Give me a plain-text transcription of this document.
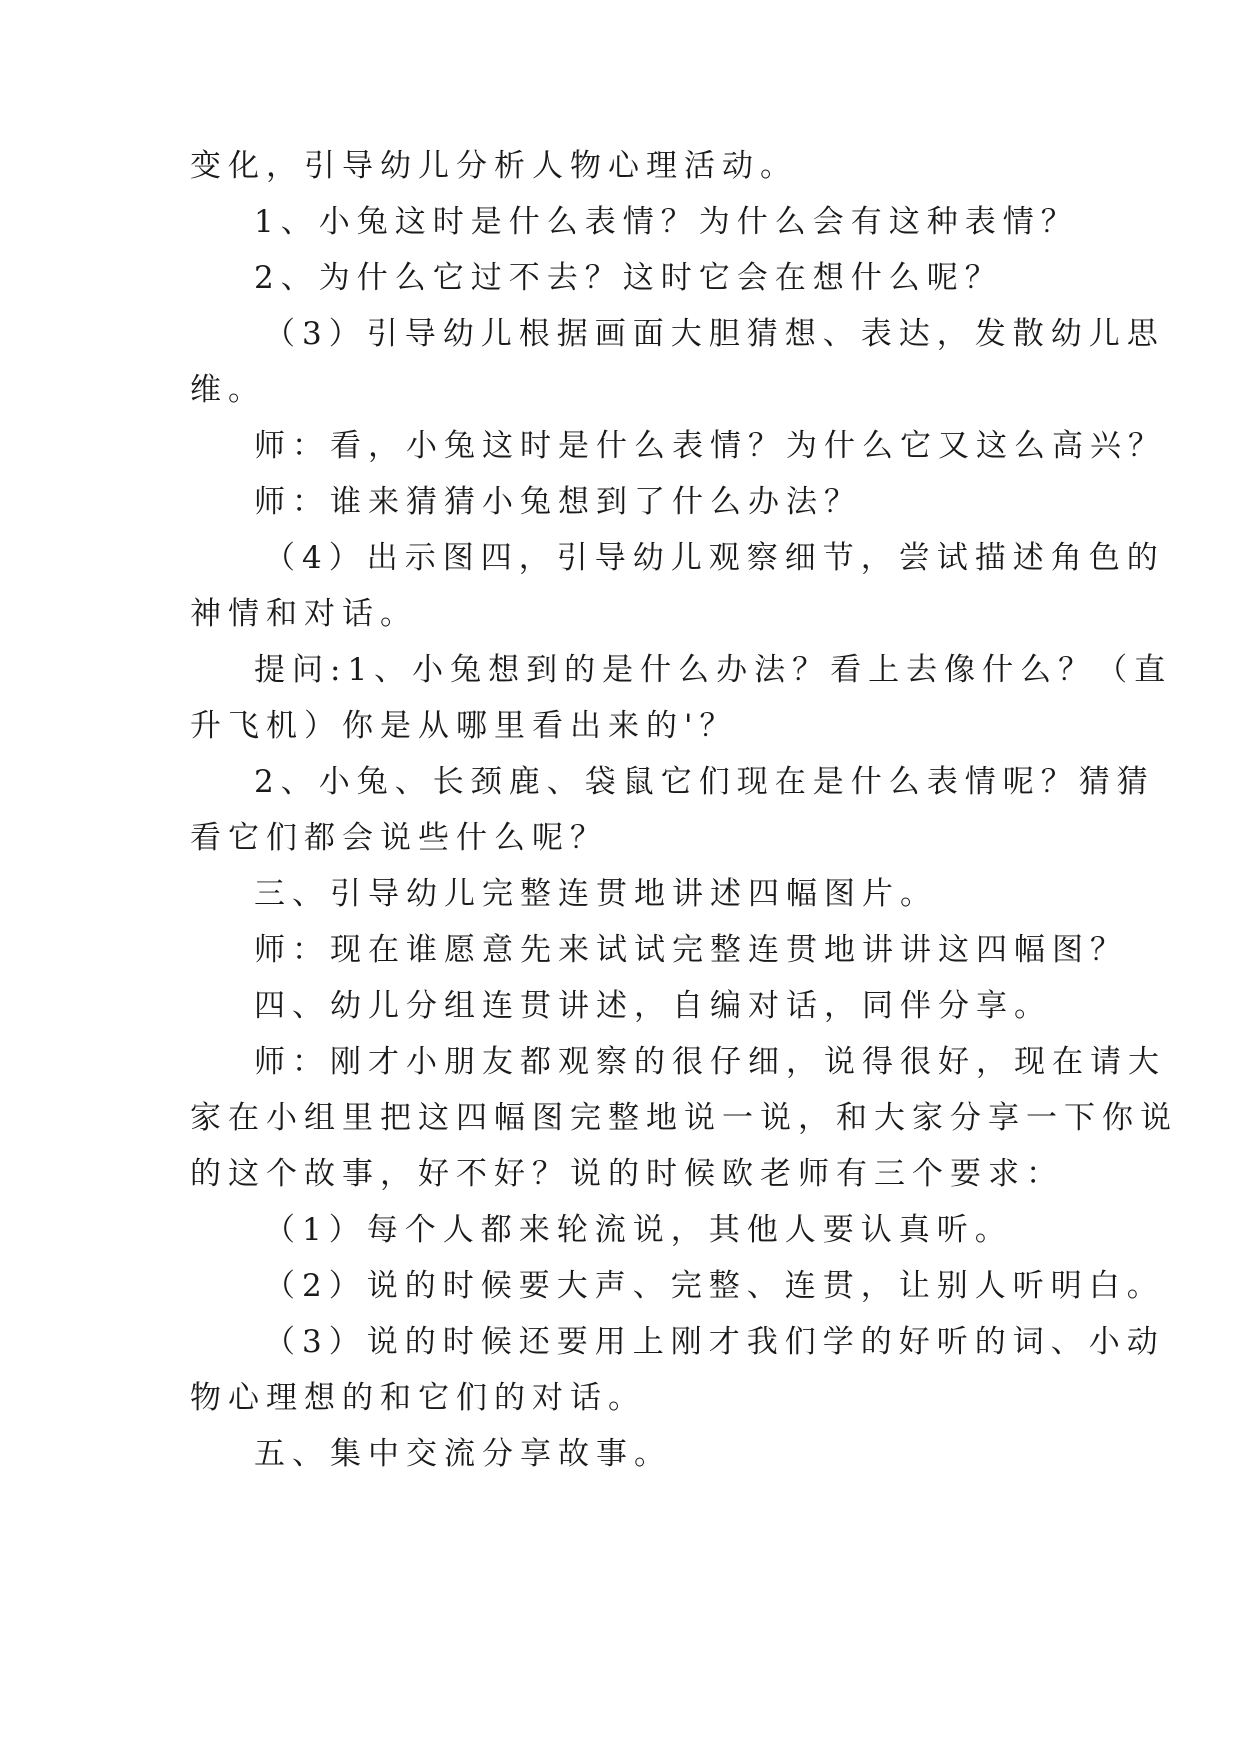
变化，引导幼儿分析人物心理活动。
1、小兔这时是什么表情？为什么会有这种表情？
2、为什么它过不去？这时它会在想什么呢？
（3）引导幼儿根据画面大胆猜想、表达，发散幼儿思
维。
师：看，小兔这时是什么表情？为什么它又这么高兴？
师：谁来猜猜小兔想到了什么办法？
（4）出示图四，引导幼儿观察细节，尝试描述角色的
神情和对话。
提问:1、小兔想到的是什么办法？看上去像什么？（直
升飞机）你是从哪里看出来的'？
2、小兔、长颈鹿、袋鼠它们现在是什么表情呢？猜猜
看它们都会说些什么呢？
三、引导幼儿完整连贯地讲述四幅图片。
师：现在谁愿意先来试试完整连贯地讲讲这四幅图？
四、幼儿分组连贯讲述，自编对话，同伴分享。
师：刚才小朋友都观察的很仔细，说得很好，现在请大
家在小组里把这四幅图完整地说一说，和大家分享一下你说
的这个故事，好不好？说的时候欧老师有三个要求：
（1）每个人都来轮流说，其他人要认真听。
（2）说的时候要大声、完整、连贯，让别人听明白。
（3）说的时候还要用上刚才我们学的好听的词、小动
物心理想的和它们的对话。
五、集中交流分享故事。
